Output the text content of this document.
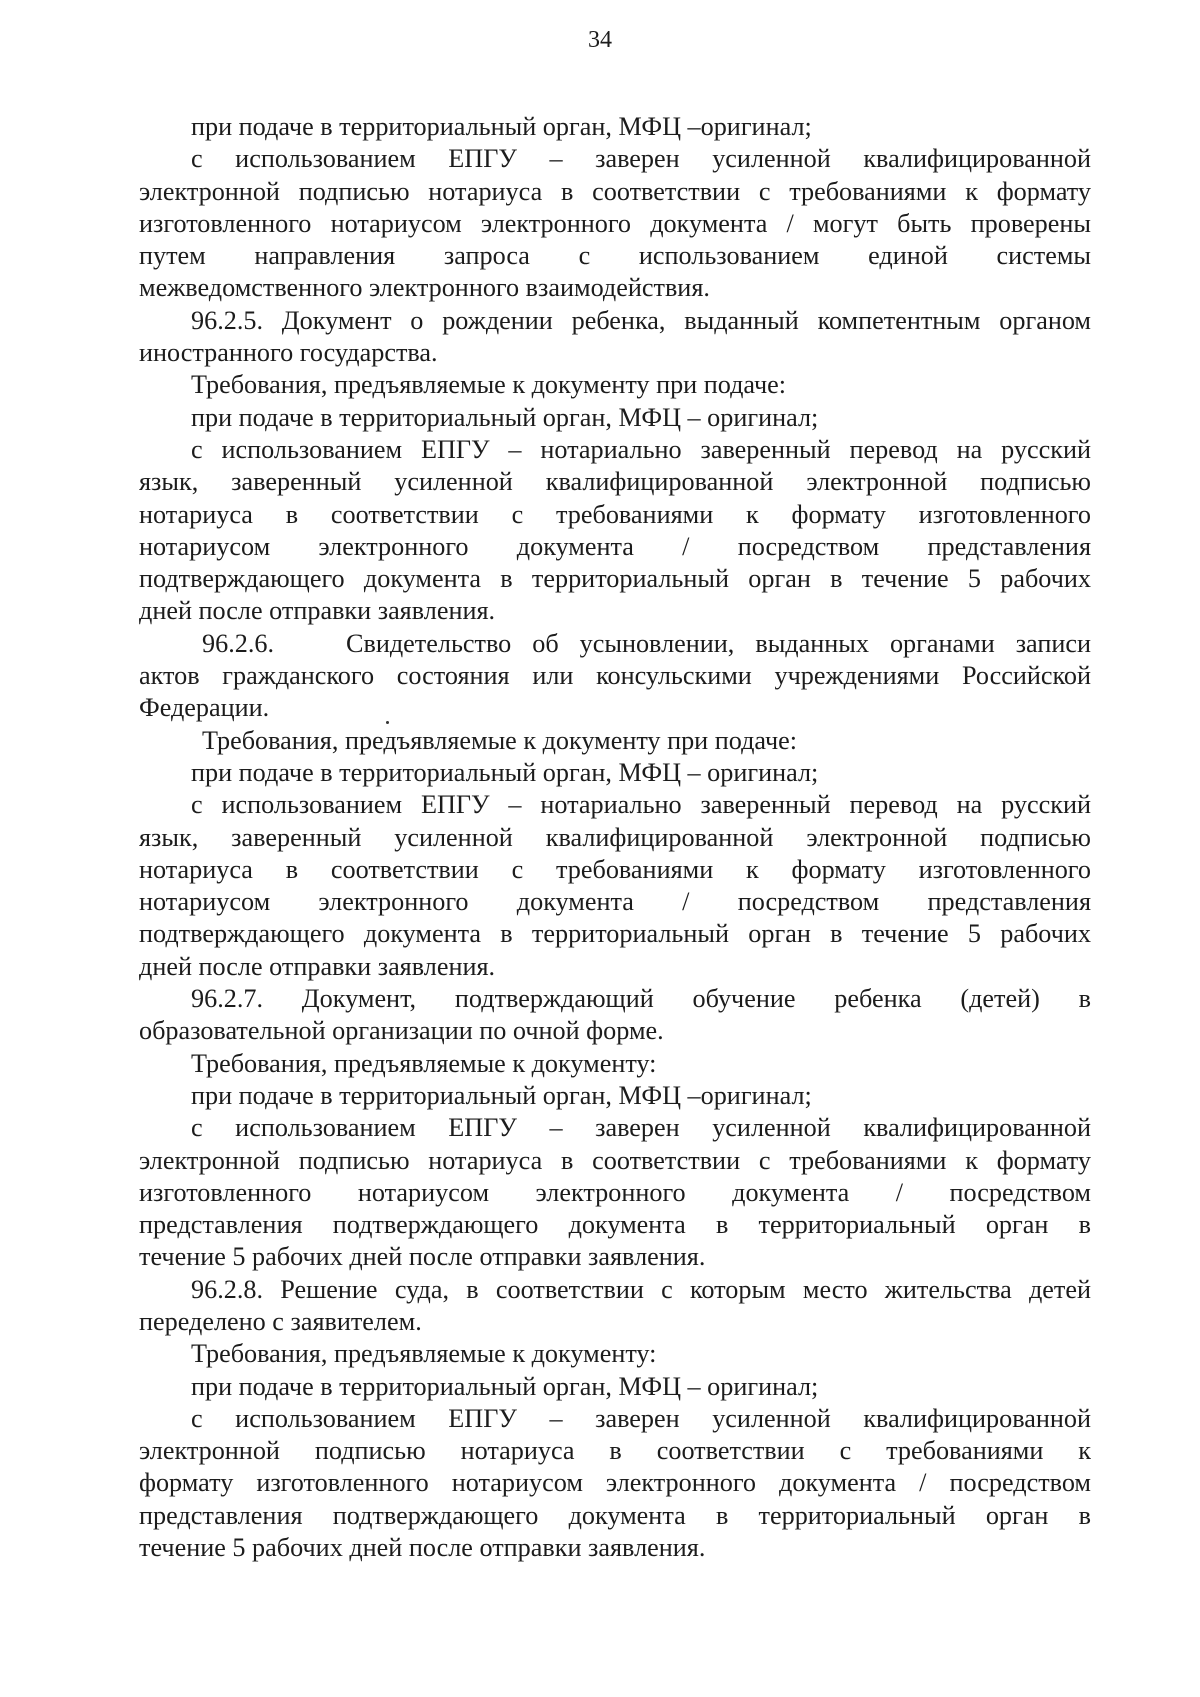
34
при подаче в территориальный орган, МФЦ –оригинал;
с использованием ЕПГУ – заверен усиленной квалифицированной
электронной подписью нотариуса в соответствии с требованиями к формату
изготовленного нотариусом электронного документа / могут быть проверены
путем направления запроса с использованием единой системы
межведомственного электронного взаимодействия.
96.2.5. Документ о рождении ребенка, выданный компетентным органом
иностранного государства.
Требования, предъявляемые к документу при подаче:
при подаче в территориальный орган, МФЦ – оригинал;
с использованием ЕПГУ – нотариально заверенный перевод на русский
язык, заверенный усиленной квалифицированной электронной подписью
нотариуса в соответствии с требованиями к формату изготовленного
нотариусом электронного документа / посредством представления
подтверждающего документа в территориальный орган в течение 5 рабочих
дней после отправки заявления.
96.2.6.	Свидетельство об усыновлении, выданных органами записи
актов гражданского состояния или консульскими учреждениями Российской
Федерации.
Требования, предъявляемые к документу при подаче:
при подаче в территориальный орган, МФЦ – оригинал;
с использованием ЕПГУ – нотариально заверенный перевод на русский
язык, заверенный усиленной квалифицированной электронной подписью
нотариуса в соответствии с требованиями к формату изготовленного
нотариусом электронного документа / посредством представления
подтверждающего документа в территориальный орган в течение 5 рабочих
дней после отправки заявления.
96.2.7. Документ, подтверждающий обучение ребенка (детей) в
образовательной организации по очной форме.
Требования, предъявляемые к документу:
при подаче в территориальный орган, МФЦ –оригинал;
с использованием ЕПГУ – заверен усиленной квалифицированной
электронной подписью нотариуса в соответствии с требованиями к формату
изготовленного нотариусом электронного документа / посредством
представления подтверждающего документа в территориальный орган в
течение 5 рабочих дней после отправки заявления.
96.2.8. Решение суда, в соответствии с которым место жительства детей
переделено с заявителем.
Требования, предъявляемые к документу:
при подаче в территориальный орган, МФЦ – оригинал;
с использованием ЕПГУ – заверен усиленной квалифицированной
электронной подписью нотариуса в соответствии с требованиями к
формату изготовленного нотариусом электронного документа / посредством
представления подтверждающего документа в территориальный орган в
течение 5 рабочих дней после отправки заявления.
